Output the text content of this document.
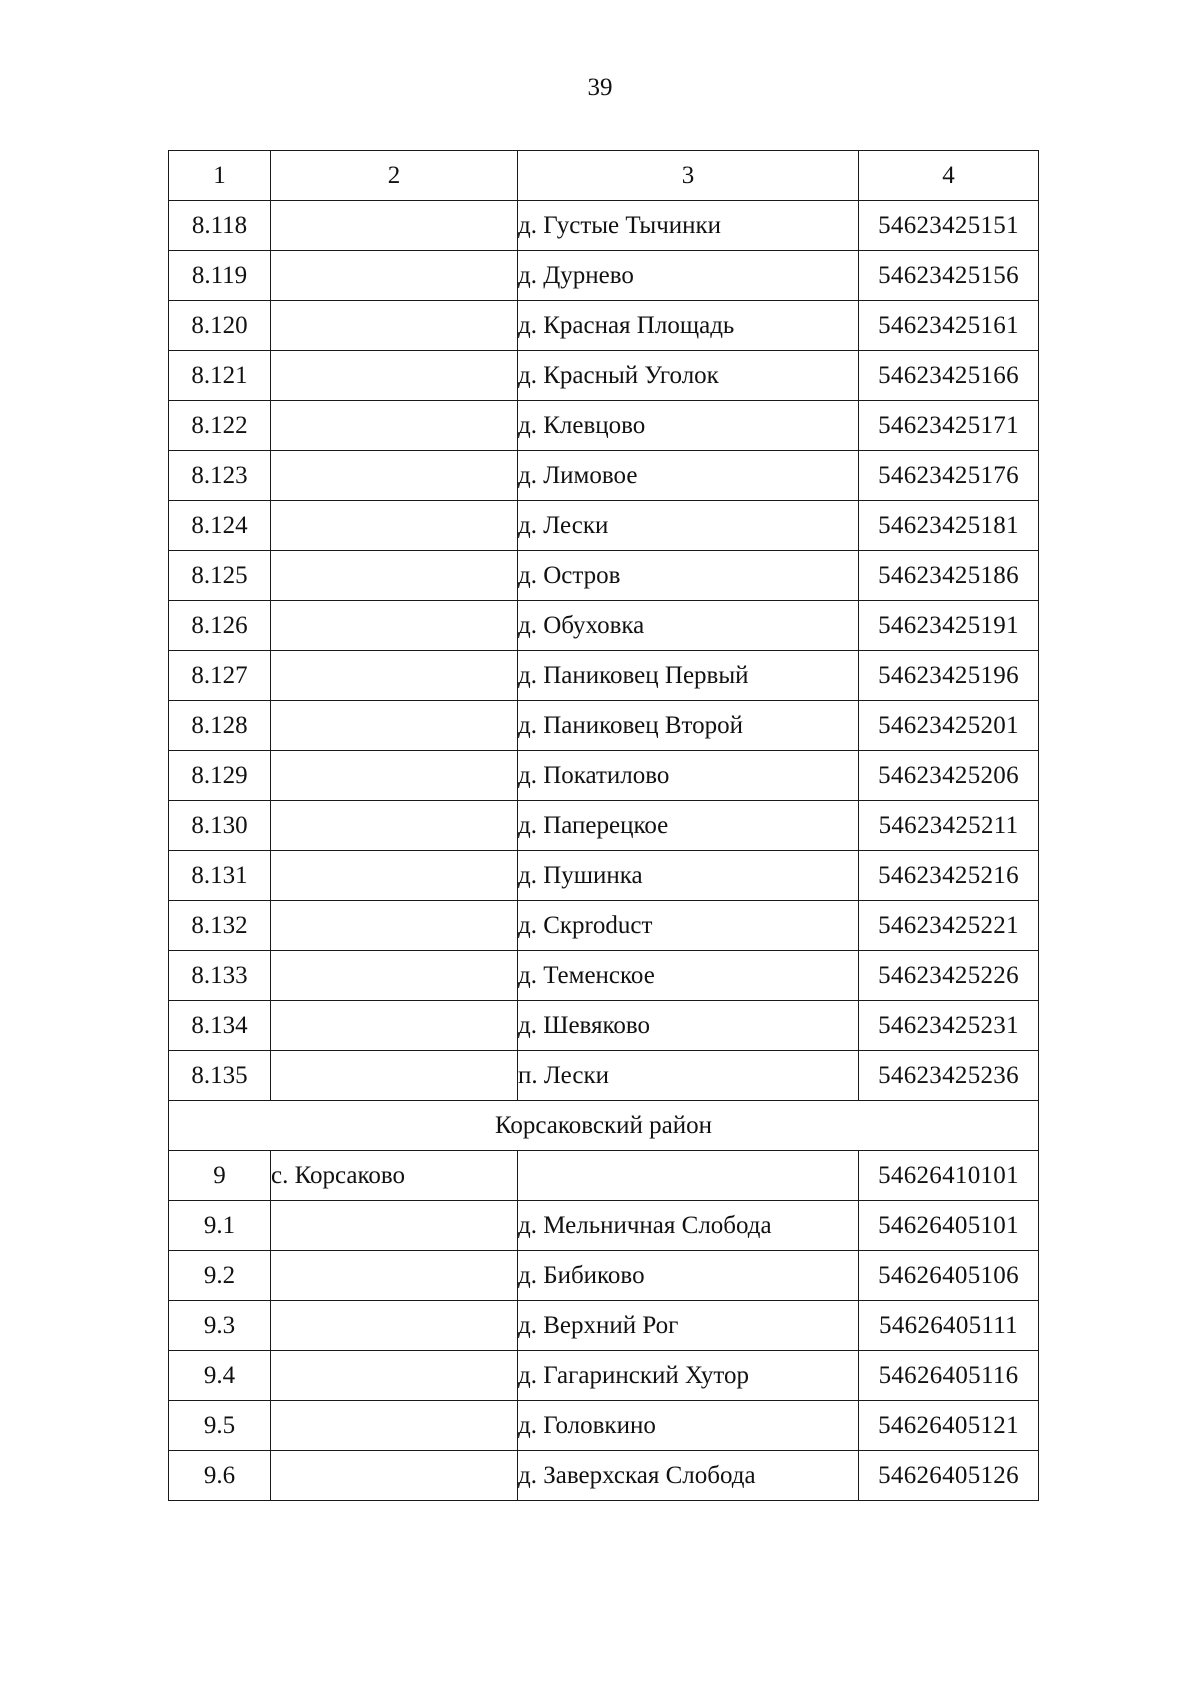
39
1	2	3	4
8.118		д. Густые Тычинки	54623425151
8.119		д. Дурнево	54623425156
8.120		д. Красная Площадь	54623425161
8.121		д. Красный Уголок	54623425166
8.122		д. Клевцово	54623425171
8.123		д. Лимовое	54623425176
8.124		д. Лески	54623425181
8.125		д. Остров	54623425186
8.126		д. Обуховка	54623425191
8.127		д. Паниковец Первый	54623425196
8.128		д. Паниковец Второй	54623425201
8.129		д. Покатилово	54623425206
8.130		д. Паперецкое	54623425211
8.131		д. Пушинка	54623425216
8.132		д. Скproducт	54623425221
8.133		д. Теменское	54623425226
8.134		д. Шевяково	54623425231
8.135		п. Лески	54623425236
Корсаковский район			
9	с. Корсаково		54626410101
9.1		д. Мельничная Слобода	54626405101
9.2		д. Бибиково	54626405106
9.3		д. Верхний Рог	54626405111
9.4		д. Гагаринский Хутор	54626405116
9.5		д. Головкино	54626405121
9.6		д. Заверхская Слобода	54626405126
